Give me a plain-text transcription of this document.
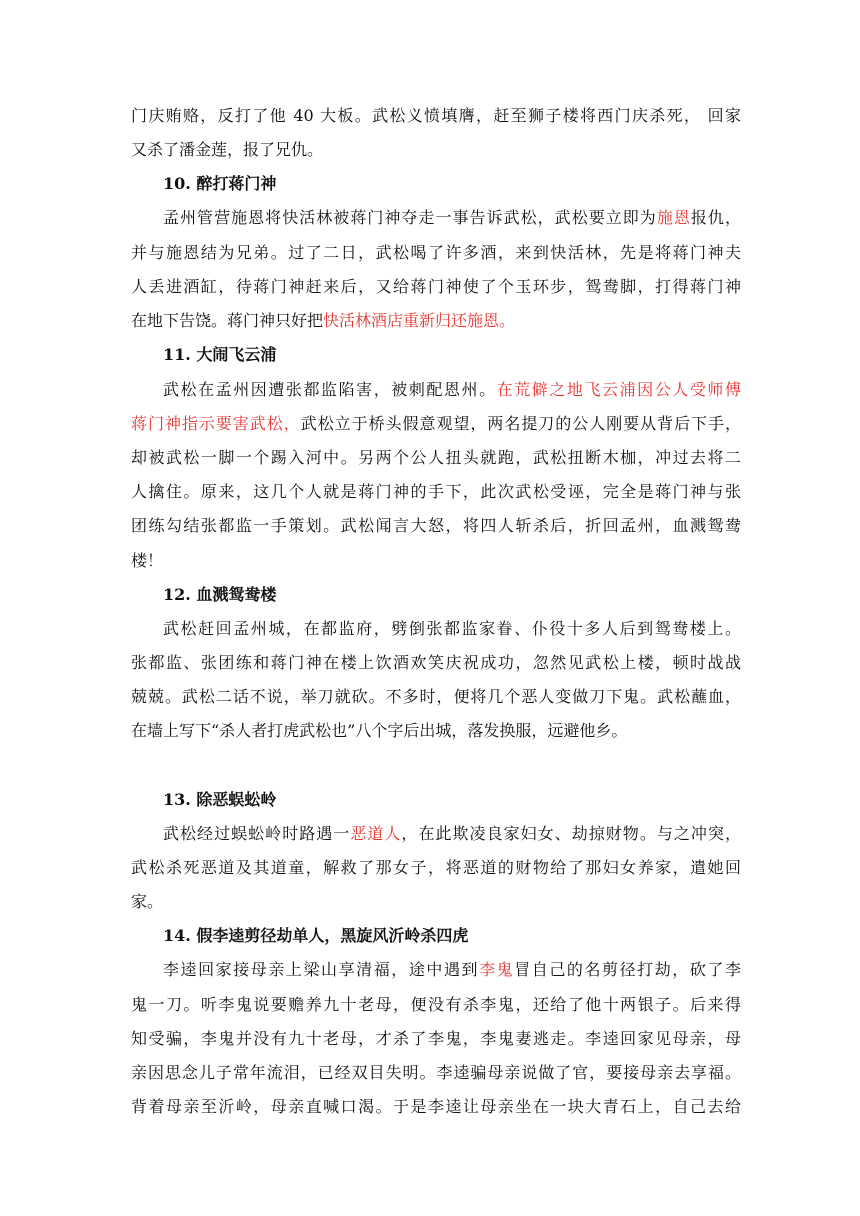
门庆贿赂，反打了他 40 大板。武松义愤填膺，赶至狮子楼将西门庆杀死， 回家
又杀了潘金莲，报了兄仇。
10. 醉打蒋门神
孟州管营施恩将快活林被蒋门神夺走一事告诉武松，武松要立即为施恩报仇，
并与施恩结为兄弟。过了二日，武松喝了许多酒，来到快活林，先是将蒋门神夫
人丢进酒缸，待蒋门神赶来后，又给蒋门神使了个玉环步，鸳鸯脚，打得蒋门神
在地下告饶。蒋门神只好把快活林酒店重新归还施恩。
11. 大闹飞云浦
武松在孟州因遭张都监陷害，被刺配恩州。在荒僻之地飞云浦因公人受师傅
蒋门神指示要害武松，武松立于桥头假意观望，两名提刀的公人刚要从背后下手，
却被武松一脚一个踢入河中。另两个公人扭头就跑，武松扭断木枷，冲过去将二
人擒住。原来，这几个人就是蒋门神的手下，此次武松受诬，完全是蒋门神与张
团练勾结张都监一手策划。武松闻言大怒，将四人斩杀后，折回孟州，血溅鸳鸯
楼！
12. 血溅鸳鸯楼
武松赶回孟州城，在都监府，劈倒张都监家眷、仆役十多人后到鸳鸯楼上。
张都监、张团练和蒋门神在楼上饮酒欢笑庆祝成功，忽然见武松上楼，顿时战战
兢兢。武松二话不说，举刀就砍。不多时，便将几个恶人变做刀下鬼。武松蘸血，
在墙上写下“杀人者打虎武松也”八个字后出城，落发换服，远避他乡。
13. 除恶蜈蚣岭
武松经过蜈蚣岭时路遇一恶道人，在此欺凌良家妇女、劫掠财物。与之冲突，
武松杀死恶道及其道童，解救了那女子，将恶道的财物给了那妇女养家，遣她回
家。
14. 假李逵剪径劫单人，黑旋风沂岭杀四虎
李逵回家接母亲上梁山享清福，途中遇到李鬼冒自己的名剪径打劫，砍了李
鬼一刀。听李鬼说要赡养九十老母，便没有杀李鬼，还给了他十两银子。后来得
知受骗，李鬼并没有九十老母，才杀了李鬼，李鬼妻逃走。李逵回家见母亲，母
亲因思念儿子常年流泪，已经双目失明。李逵骗母亲说做了官，要接母亲去享福。
背着母亲至沂岭，母亲直喊口渴。于是李逵让母亲坐在一块大青石上，自己去给
